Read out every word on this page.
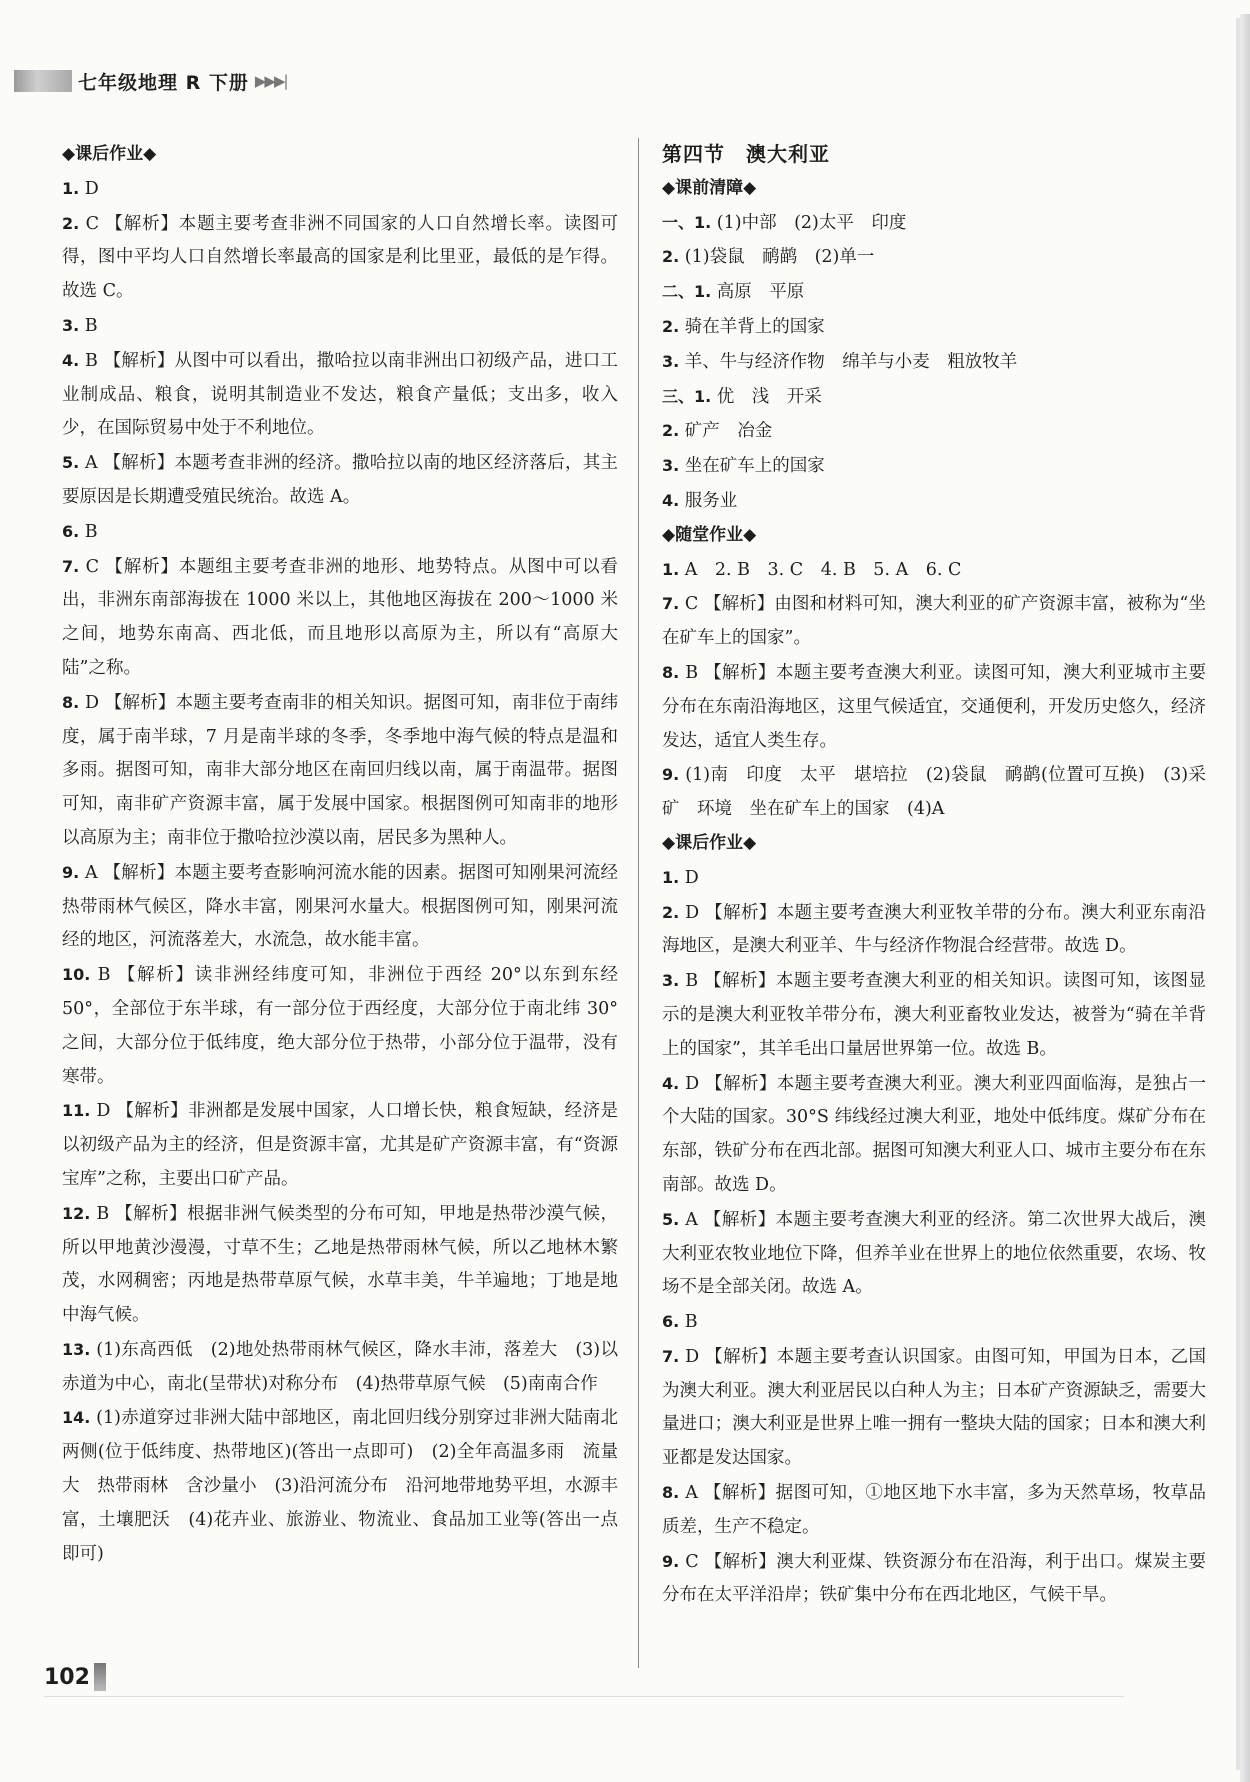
七年级地理 R 下册 ▶▶▶|

◆课后作业◆

1. D

2. C 【解析】本题主要考查非洲不同国家的人口自然增长率。读图可得，图中平均人口自然增长率最高的国家是利比里亚，最低的是乍得。故选 C。

3. B

4. B 【解析】从图中可以看出，撒哈拉以南非洲出口初级产品，进口工业制成品、粮食，说明其制造业不发达，粮食产量低；支出多，收入少，在国际贸易中处于不利地位。

5. A 【解析】本题考查非洲的经济。撒哈拉以南的地区经济落后，其主要原因是长期遭受殖民统治。故选 A。

6. B

7. C 【解析】本题组主要考查非洲的地形、地势特点。从图中可以看出，非洲东南部海拔在 1000 米以上，其他地区海拔在 200～1000 米之间，地势东南高、西北低，而且地形以高原为主，所以有“高原大陆”之称。

8. D 【解析】本题主要考查南非的相关知识。据图可知，南非位于南纬度，属于南半球，7 月是南半球的冬季，冬季地中海气候的特点是温和多雨。据图可知，南非大部分地区在南回归线以南，属于南温带。据图可知，南非矿产资源丰富，属于发展中国家。根据图例可知南非的地形以高原为主；南非位于撒哈拉沙漠以南，居民多为黑种人。

9. A 【解析】本题主要考查影响河流水能的因素。据图可知刚果河流经热带雨林气候区，降水丰富，刚果河水量大。根据图例可知，刚果河流经的地区，河流落差大，水流急，故水能丰富。

10. B 【解析】读非洲经纬度可知，非洲位于西经 20°以东到东经 50°，全部位于东半球，有一部分位于西经度，大部分位于南北纬 30°之间，大部分位于低纬度，绝大部分位于热带，小部分位于温带，没有寒带。

11. D 【解析】非洲都是发展中国家，人口增长快，粮食短缺，经济是以初级产品为主的经济，但是资源丰富，尤其是矿产资源丰富，有“资源宝库”之称，主要出口矿产品。

12. B 【解析】根据非洲气候类型的分布可知，甲地是热带沙漠气候，所以甲地黄沙漫漫，寸草不生；乙地是热带雨林气候，所以乙地林木繁茂，水网稠密；丙地是热带草原气候，水草丰美，牛羊遍地；丁地是地中海气候。

13. (1)东高西低　(2)地处热带雨林气候区，降水丰沛，落差大　(3)以赤道为中心，南北(呈带状)对称分布　(4)热带草原气候　(5)南南合作

14. (1)赤道穿过非洲大陆中部地区，南北回归线分别穿过非洲大陆南北两侧(位于低纬度、热带地区)(答出一点即可)　(2)全年高温多雨　流量大　热带雨林　含沙量小　(3)沿河流分布　沿河地带地势平坦，水源丰富，土壤肥沃　(4)花卉业、旅游业、物流业、食品加工业等(答出一点即可)

第四节　澳大利亚

◆课前清障◆

一、1. (1)中部　(2)太平　印度

2. (1)袋鼠　鸸鹋　(2)单一

二、1. 高原　平原

2. 骑在羊背上的国家

3. 羊、牛与经济作物　绵羊与小麦　粗放牧羊

三、1. 优　浅　开采

2. 矿产　冶金

3. 坐在矿车上的国家

4. 服务业

◆随堂作业◆

1. A　2. B　3. C　4. B　5. A　6. C

7. C 【解析】由图和材料可知，澳大利亚的矿产资源丰富，被称为“坐在矿车上的国家”。

8. B 【解析】本题主要考查澳大利亚。读图可知，澳大利亚城市主要分布在东南沿海地区，这里气候适宜，交通便利，开发历史悠久，经济发达，适宜人类生存。

9. (1)南　印度　太平　堪培拉　(2)袋鼠　鸸鹋(位置可互换)　(3)采矿　环境　坐在矿车上的国家　(4)A

◆课后作业◆

1. D

2. D 【解析】本题主要考查澳大利亚牧羊带的分布。澳大利亚东南沿海地区，是澳大利亚羊、牛与经济作物混合经营带。故选 D。

3. B 【解析】本题主要考查澳大利亚的相关知识。读图可知，该图显示的是澳大利亚牧羊带分布，澳大利亚畜牧业发达，被誉为“骑在羊背上的国家”，其羊毛出口量居世界第一位。故选 B。

4. D 【解析】本题主要考查澳大利亚。澳大利亚四面临海，是独占一个大陆的国家。30°S 纬线经过澳大利亚，地处中低纬度。煤矿分布在东部，铁矿分布在西北部。据图可知澳大利亚人口、城市主要分布在东南部。故选 D。

5. A 【解析】本题主要考查澳大利亚的经济。第二次世界大战后，澳大利亚农牧业地位下降，但养羊业在世界上的地位依然重要，农场、牧场不是全部关闭。故选 A。

6. B

7. D 【解析】本题主要考查认识国家。由图可知，甲国为日本，乙国为澳大利亚。澳大利亚居民以白种人为主；日本矿产资源缺乏，需要大量进口；澳大利亚是世界上唯一拥有一整块大陆的国家；日本和澳大利亚都是发达国家。

8. A 【解析】据图可知，①地区地下水丰富，多为天然草场，牧草品质差，生产不稳定。

9. C 【解析】澳大利亚煤、铁资源分布在沿海，利于出口。煤炭主要分布在太平洋沿岸；铁矿集中分布在西北地区，气候干旱。

102
